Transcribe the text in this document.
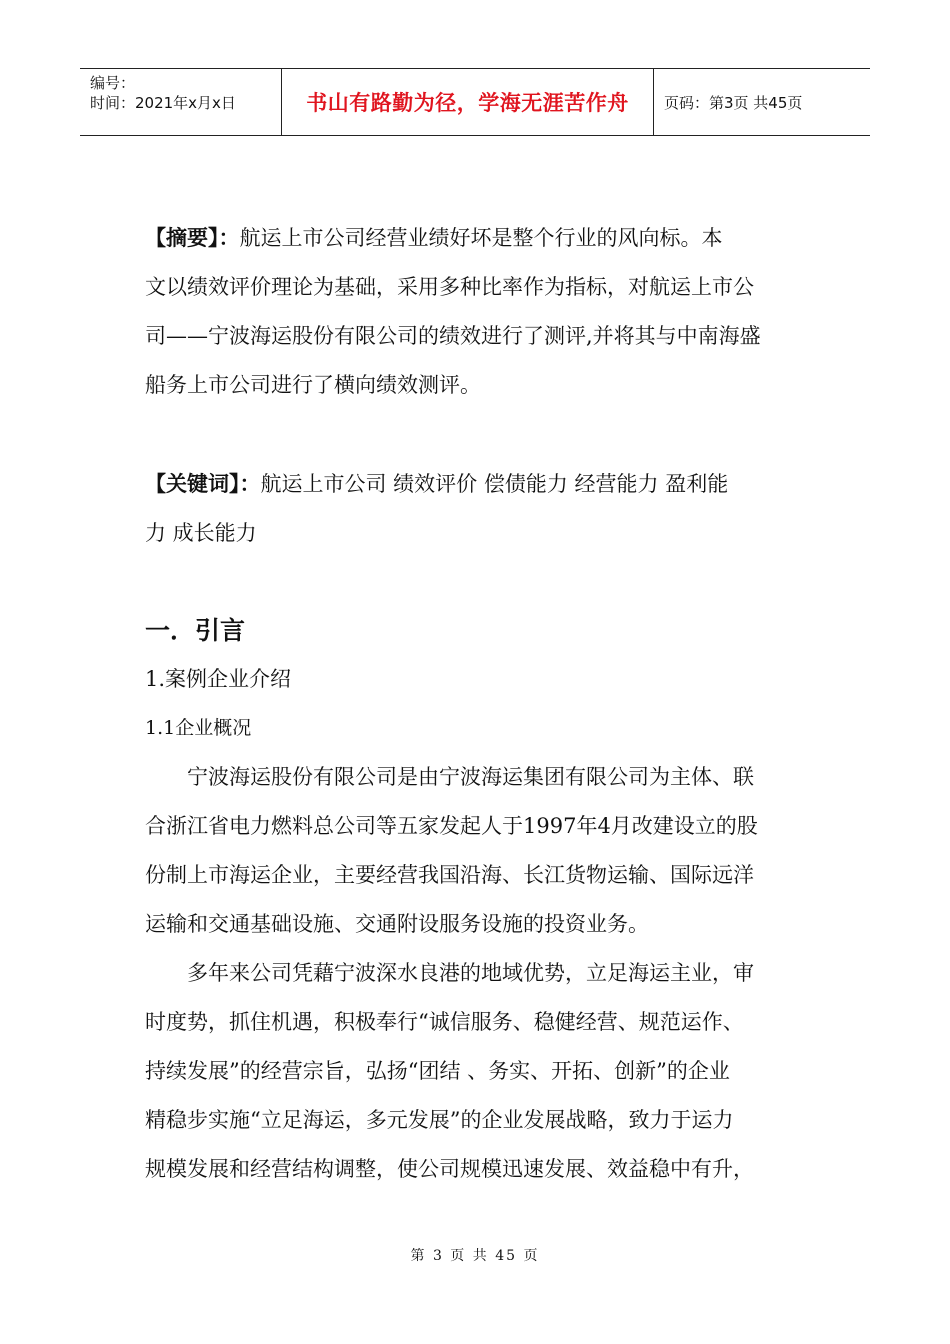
编号：
时间：2021年x月x日	书山有路勤为径，学海无涯苦作舟	页码：第3页 共45页
【摘要】：航运上市公司经营业绩好坏是整个行业的风向标。本
文以绩效评价理论为基础，采用多种比率作为指标，对航运上市公
司——宁波海运股份有限公司的绩效进行了测评,并将其与中南海盛
船务上市公司进行了横向绩效测评。
【关键词】：航运上市公司 绩效评价 偿债能力 经营能力 盈利能
力 成长能力
一．引言
1.案例企业介绍
1.1企业概况
宁波海运股份有限公司是由宁波海运集团有限公司为主体、联
合浙江省电力燃料总公司等五家发起人于1997年4月改建设立的股
份制上市海运企业，主要经营我国沿海、长江货物运输、国际远洋
运输和交通基础设施、交通附设服务设施的投资业务。
多年来公司凭藉宁波深水良港的地域优势，立足海运主业，审
时度势，抓住机遇，积极奉行“诚信服务、稳健经营、规范运作、
持续发展”的经营宗旨，弘扬“团结 、务实、开拓、创新”的企业
精稳步实施“立足海运，多元发展”的企业发展战略，致力于运力
规模发展和经营结构调整，使公司规模迅速发展、效益稳中有升，
第 3 页 共 45 页
